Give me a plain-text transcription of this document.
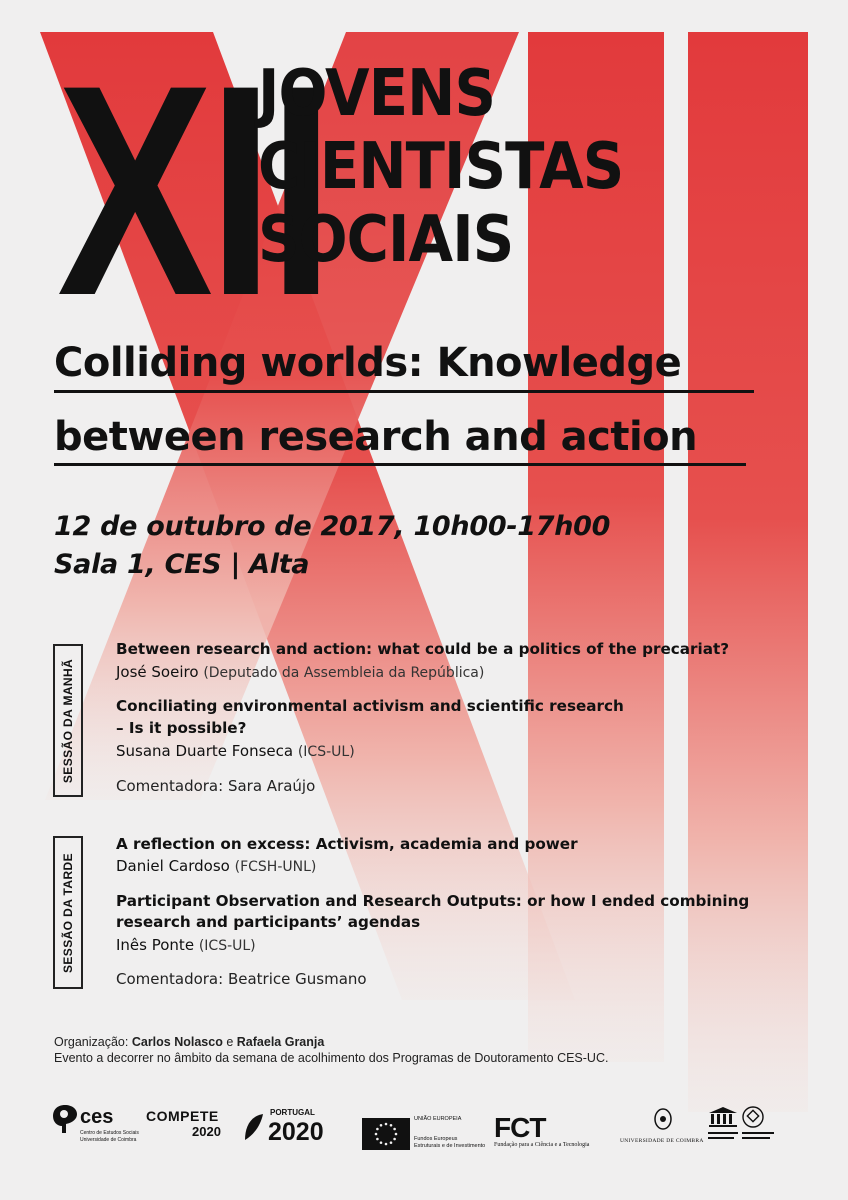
XII
JOVENS
CIENTISTAS
SOCIAIS
Colliding worlds: Knowledge
between research and action
12 de outubro de 2017, 10h00-17h00
Sala 1, CES | Alta
SESSÃO DA MANHÃ
Between research and action: what could be a politics of the precariat?
José Soeiro (Deputado da Assembleia da República)
Conciliating environmental activism and scientific research
– Is it possible?
Susana Duarte Fonseca (ICS-UL)
Comentadora: Sara Araújo
SESSÃO DA TARDE
A reflection on excess: Activism, academia and power
Daniel Cardoso (FCSH-UNL)
Participant Observation and Research Outputs: or how I ended combining
research and participants’ agendas
Inês Ponte (ICS-UL)
Comentadora: Beatrice Gusmano
Organização: Carlos Nolasco e Rafaela Granja
Evento a decorrer no âmbito da semana de acolhimento dos Programas de Doutoramento CES-UC.
ces
Centro de Estudos Sociais
Universidade de Coimbra
COMPETE
2020
PORTUGAL
2020	UNIÃO EUROPEIA
Fundos Europeus
Estruturais e de Investimento
FCT
Fundação para a Ciência e a Tecnologia
UNIVERSIDADE DE COIMBRA
